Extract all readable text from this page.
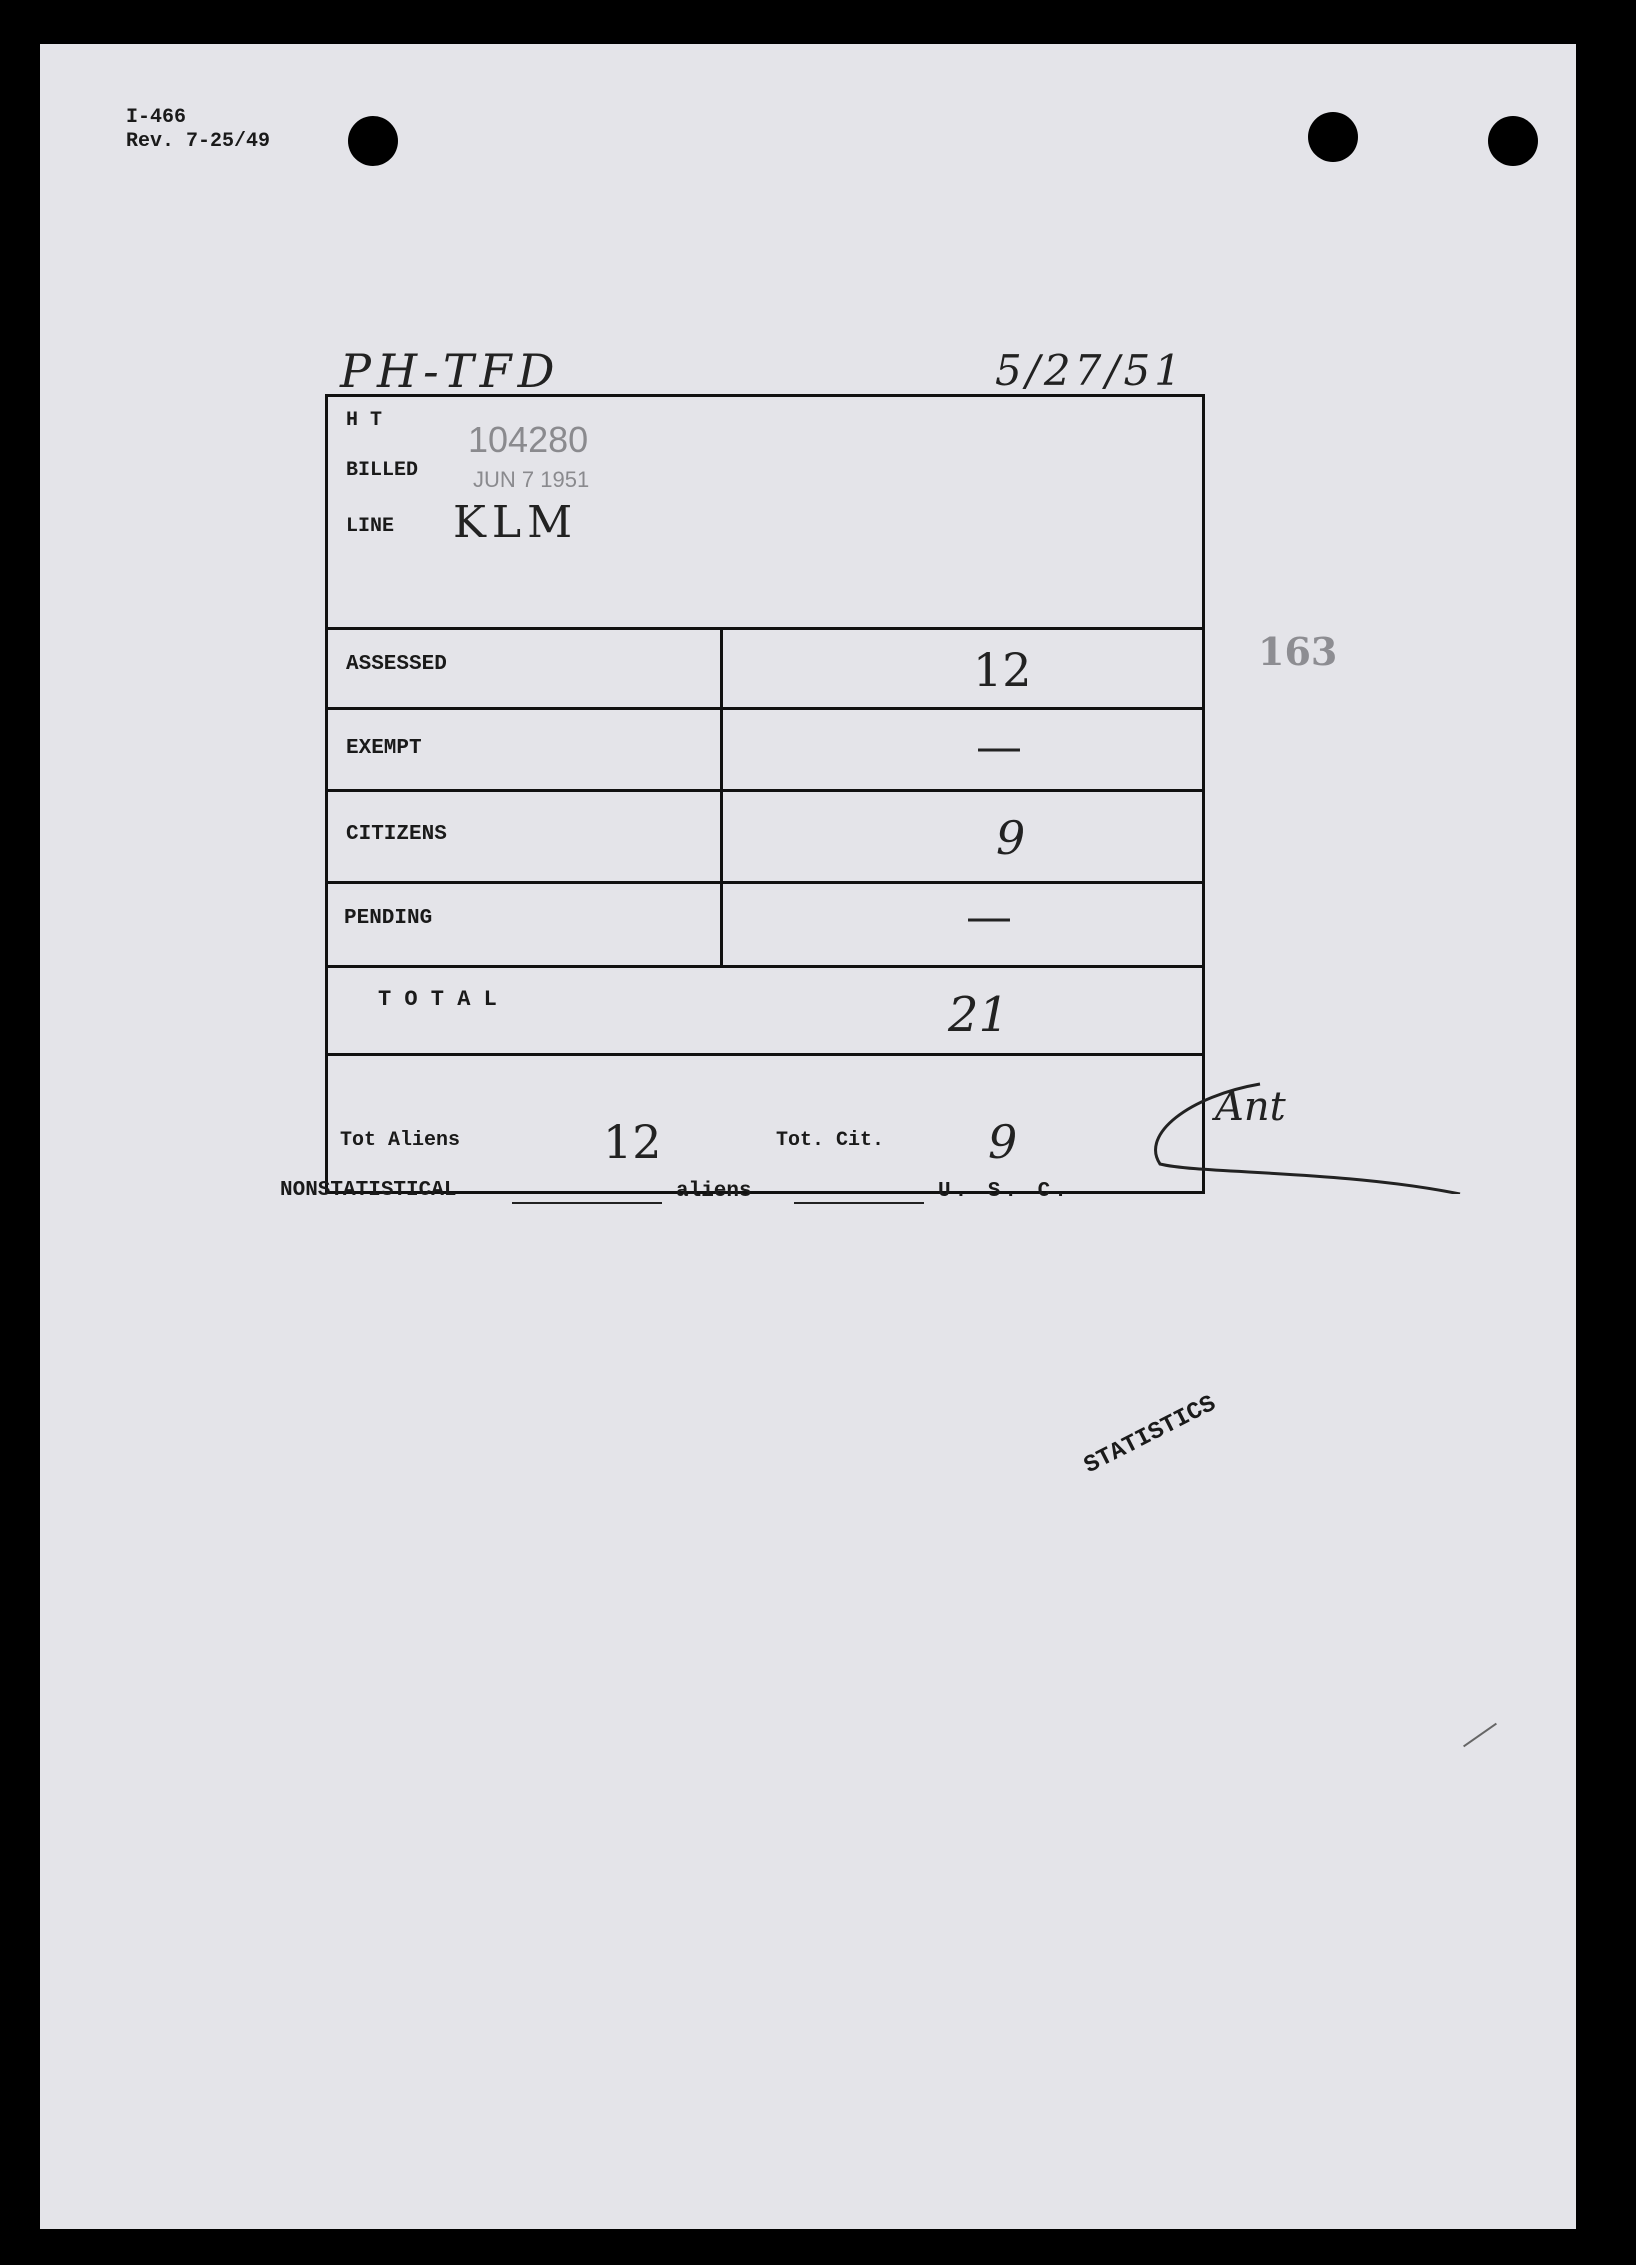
I-466
Rev. 7-25/49
PH-TFD	5/27/51
H T 104280
BILLED JUN 7 1951
LINE KLM
ASSESSED	12
EXEMPT	—
CITIZENS	9
PENDING	—
T O T A L	21
Tot Aliens	12	Tot. Cit. 9
Ant
163
NONSTATISTICAL	aliens	U. S. C.
STATISTICS
